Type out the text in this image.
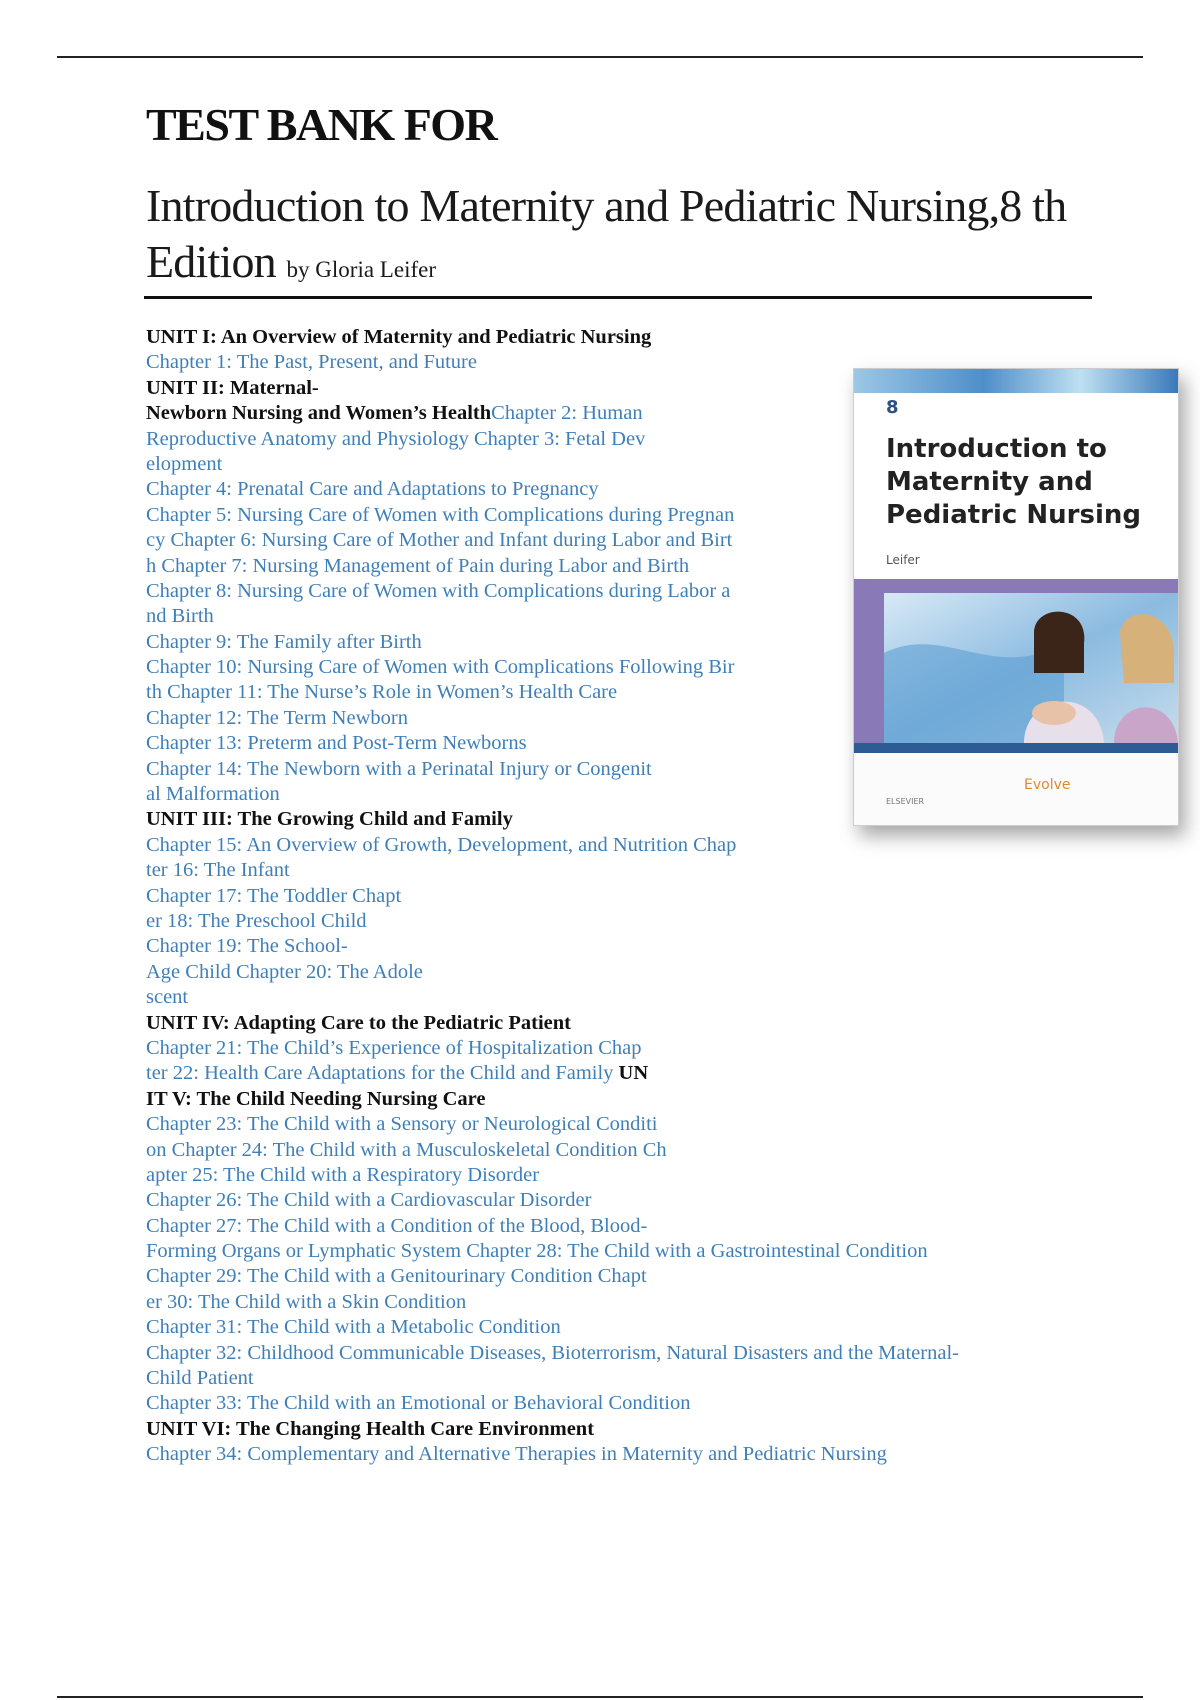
TEST BANK FOR
Introduction to Maternity and Pediatric Nursing,8 th Edition by Gloria Leifer
UNIT I: An Overview of Maternity and Pediatric Nursing
Chapter 1: The Past, Present, and Future
UNIT II: Maternal-
Newborn Nursing and Women’s HealthChapter 2: Human
Reproductive Anatomy and Physiology Chapter 3: Fetal Dev
elopment
Chapter 4: Prenatal Care and Adaptations to Pregnancy
Chapter 5: Nursing Care of Women with Complications during Pregnan
cy Chapter 6: Nursing Care of Mother and Infant during Labor and Birt
h Chapter 7: Nursing Management of Pain during Labor and Birth
Chapter 8: Nursing Care of Women with Complications during Labor a
nd Birth
Chapter 9: The Family after Birth
Chapter 10: Nursing Care of Women with Complications Following Bir
th Chapter 11: The Nurse’s Role in Women’s Health Care
Chapter 12: The Term Newborn
Chapter 13: Preterm and Post-Term Newborns
Chapter 14: The Newborn with a Perinatal Injury or Congenit
al Malformation
UNIT III: The Growing Child and Family
Chapter 15: An Overview of Growth, Development, and Nutrition Chap
ter 16: The Infant
Chapter 17: The Toddler Chapt
er 18: The Preschool Child
Chapter 19: The School-
Age Child Chapter 20: The Adole
scent
UNIT IV: Adapting Care to the Pediatric Patient
Chapter 21: The Child’s Experience of Hospitalization Chap
ter 22: Health Care Adaptations for the Child and Family UN
IT V: The Child Needing Nursing Care
Chapter 23: The Child with a Sensory or Neurological Conditi
on Chapter 24: The Child with a Musculoskeletal Condition Ch
apter 25: The Child with a Respiratory Disorder
Chapter 26: The Child with a Cardiovascular Disorder
Chapter 27: The Child with a Condition of the Blood, Blood-
Forming Organs or Lymphatic System Chapter 28: The Child with a Gastrointestinal Condition
Chapter 29: The Child with a Genitourinary Condition Chapt
er 30: The Child with a Skin Condition
Chapter 31: The Child with a Metabolic Condition
Chapter 32: Childhood Communicable Diseases, Bioterrorism, Natural Disasters and the Maternal-
Child Patient
Chapter 33: The Child with an Emotional or Behavioral Condition
UNIT VI: The Changing Health Care Environment
Chapter 34: Complementary and Alternative Therapies in Maternity and Pediatric Nursing
8
Introduction to Maternity and Pediatric Nursing
Leifer
Evolve
ELSEVIER
